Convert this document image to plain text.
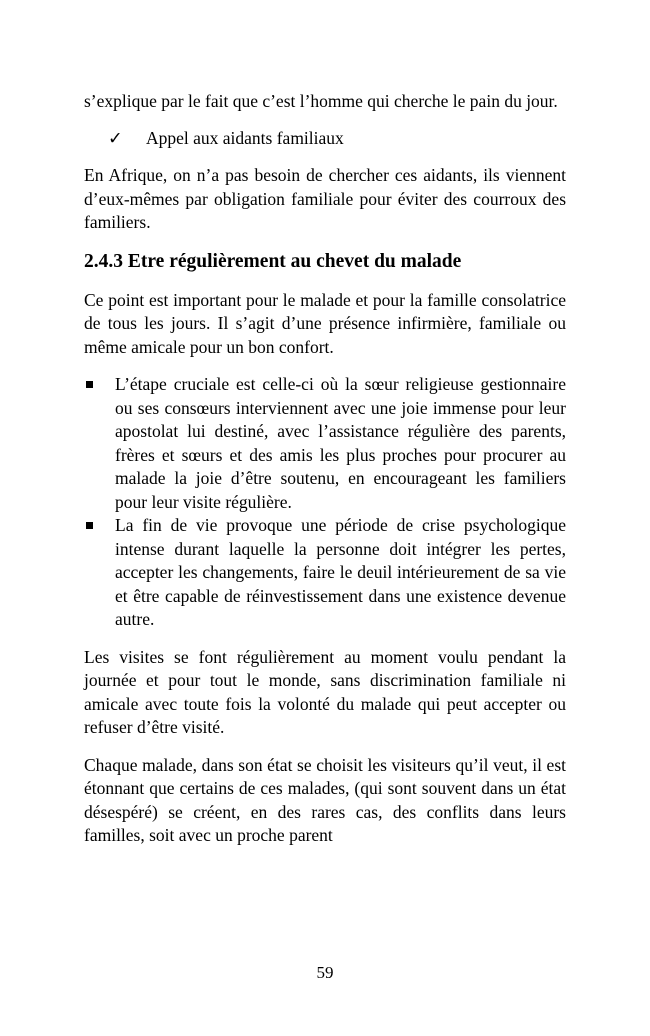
s’explique par le fait que c’est l’homme qui cherche le pain du jour.

✓	Appel aux aidants familiaux

En Afrique, on n’a pas besoin de chercher ces aidants, ils viennent d’eux-mêmes par obligation familiale pour éviter des courroux des familiers.

2.4.3 Etre régulièrement au chevet du malade

Ce point est important pour le malade et pour la famille consolatrice de tous les jours. Il s’agit d’une présence infirmière, familiale ou même amicale pour un bon confort.

L’étape cruciale est celle-ci où la sœur religieuse gestionnaire ou ses consœurs interviennent avec une joie immense pour leur apostolat lui destiné, avec l’assistance régulière des parents, frères et sœurs et des amis les plus proches pour procurer au malade la joie d’être soutenu, en encourageant les familiers pour leur visite régulière.

La fin de vie provoque une période de crise psychologique intense durant laquelle la personne doit intégrer les pertes, accepter les changements, faire le deuil intérieurement de sa vie et être capable de réinvestissement dans une existence devenue autre.

Les visites se font régulièrement au moment voulu pendant la journée et pour tout le monde, sans discrimination familiale ni amicale avec toute fois la volonté du malade qui peut accepter ou refuser d’être visité.

Chaque malade, dans son état se choisit les visiteurs qu’il veut, il est étonnant que certains de ces malades, (qui sont souvent dans un état désespéré) se créent, en des rares cas, des conflits dans leurs familles, soit avec un proche parent

59
